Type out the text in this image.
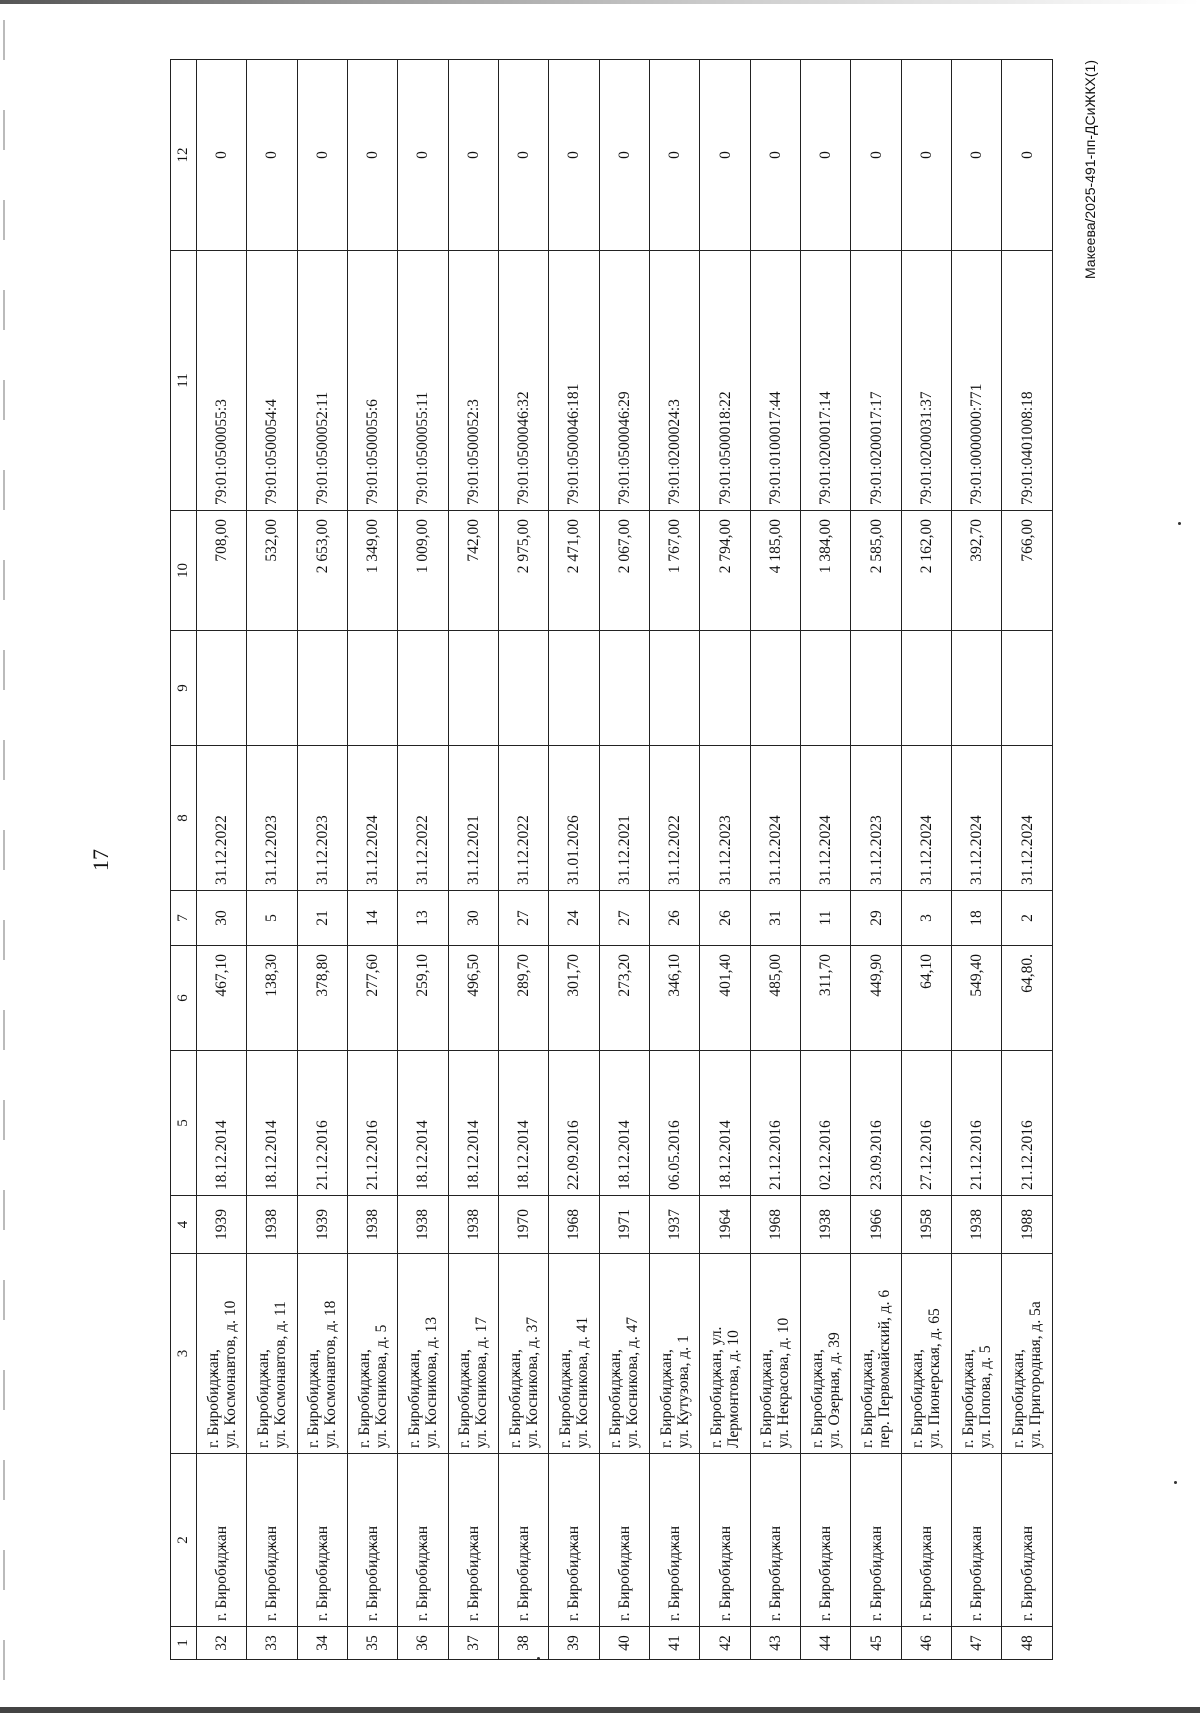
17
1	2	3	4	5	6	7	8	9	10	11	12
32	г. Биробиджан	г. Биробиджан, ул. Космонавтов, д. 10	1939	18.12.2014	467,10	30	31.12.2022		708,00	79:01:0500055:3	0
33	г. Биробиджан	г. Биробиджан, ул. Космонавтов, д. 11	1938	18.12.2014	138,30	5	31.12.2023		532,00	79:01:0500054:4	0
34	г. Биробиджан	г. Биробиджан, ул. Космонавтов, д. 18	1939	21.12.2016	378,80	21	31.12.2023		2 653,00	79:01:0500052:11	0
35	г. Биробиджан	г. Биробиджан, ул. Косникова, д. 5	1938	21.12.2016	277,60	14	31.12.2024		1 349,00	79:01:0500055:6	0
36	г. Биробиджан	г. Биробиджан, ул. Косникова, д. 13	1938	18.12.2014	259,10	13	31.12.2022		1 009,00	79:01:0500055:11	0
37	г. Биробиджан	г. Биробиджан, ул. Косникова, д. 17	1938	18.12.2014	496,50	30	31.12.2021		742,00	79:01:0500052:3	0
38	г. Биробиджан	г. Биробиджан, ул. Косникова, д. 37	1970	18.12.2014	289,70	27	31.12.2022		2 975,00	79:01:0500046:32	0
39	г. Биробиджан	г. Биробиджан, ул. Косникова, д. 41	1968	22.09.2016	301,70	24	31.01.2026		2 471,00	79:01:0500046:181	0
40	г. Биробиджан	г. Биробиджан, ул. Косникова, д. 47	1971	18.12.2014	273,20	27	31.12.2021		2 067,00	79:01:0500046:29	0
41	г. Биробиджан	г. Биробиджан, ул. Кутузова, д. 1	1937	06.05.2016	346,10	26	31.12.2022		1 767,00	79:01:0200024:3	0
42	г. Биробиджан	г. Биробиджан, ул. Лермонтова, д. 10	1964	18.12.2014	401,40	26	31.12.2023		2 794,00	79:01:0500018:22	0
43	г. Биробиджан	г. Биробиджан, ул. Некрасова, д. 10	1968	21.12.2016	485,00	31	31.12.2024		4 185,00	79:01:0100017:44	0
44	г. Биробиджан	г. Биробиджан, ул. Озерная, д. 39	1938	02.12.2016	311,70	11	31.12.2024		1 384,00	79:01:0200017:14	0
45	г. Биробиджан	г. Биробиджан, пер. Первомайский, д. 6	1966	23.09.2016	449,90	29	31.12.2023		2 585,00	79:01:0200017:17	0
46	г. Биробиджан	г. Биробиджан, ул. Пионерская, д. 65	1958	27.12.2016	64,10	3	31.12.2024		2 162,00	79:01:0200031:37	0
47	г. Биробиджан	г. Биробиджан, ул. Попова, д. 5	1938	21.12.2016	549,40	18	31.12.2024		392,70	79:01:0000000:771	0
48	г. Биробиджан	г. Биробиджан, ул. Пригородная, д. 5а	1988	21.12.2016	64,80.	2	31.12.2024		766,00	79:01:0401008:18	0	Макеева/2025-491-пп-ДСиЖКХ(1)
